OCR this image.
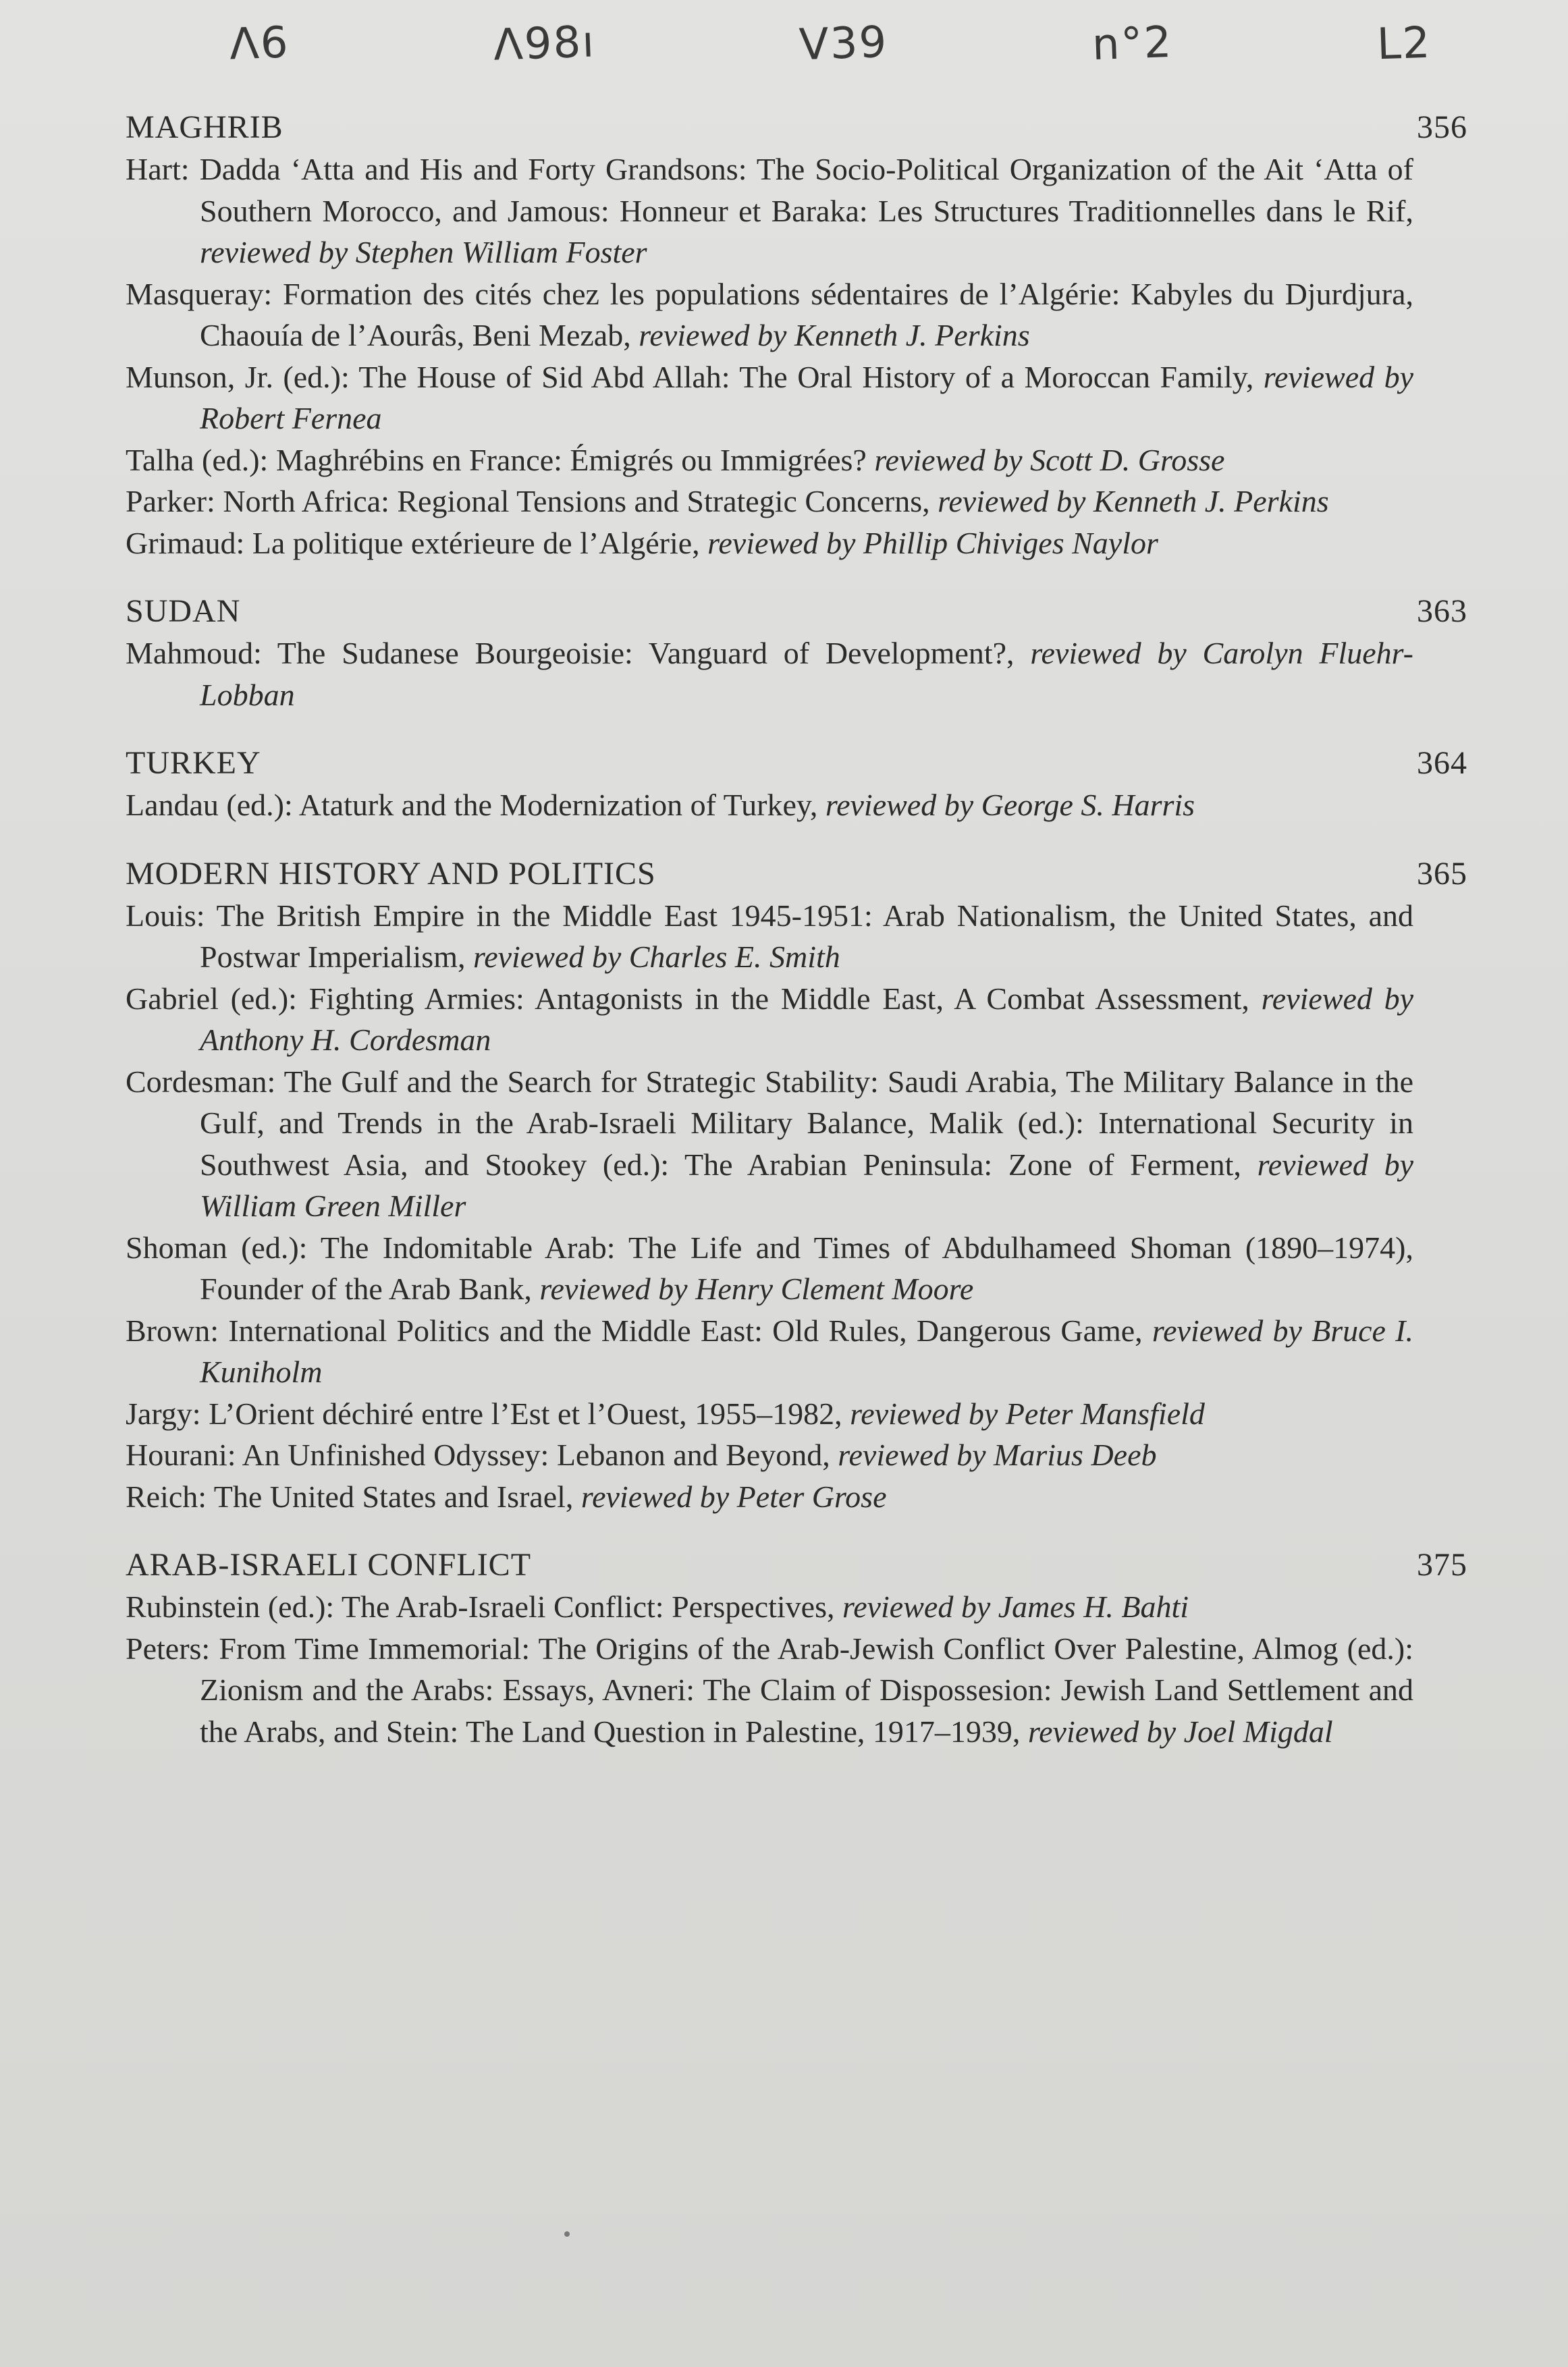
Λ6	Λ98ı	V39	n°2	L2
MAGHRIB	356

Hart: Dadda ‘Atta and His and Forty Grandsons: The Socio-Political Organization of the Ait ‘Atta of Southern Morocco, and Jamous: Honneur et Baraka: Les Structures Traditionnelles dans le Rif, reviewed by Stephen William Foster

Masqueray: Formation des cités chez les populations sédentaires de l’Algérie: Kabyles du Djurdjura, Chaouía de l’Aourâs, Beni Mezab, reviewed by Kenneth J. Perkins

Munson, Jr. (ed.): The House of Sid Abd Allah: The Oral History of a Moroccan Family, reviewed by Robert Fernea

Talha (ed.): Maghrébins en France: Émigrés ou Immigrées? reviewed by Scott D. Grosse

Parker: North Africa: Regional Tensions and Strategic Concerns, reviewed by Kenneth J. Perkins

Grimaud: La politique extérieure de l’Algérie, reviewed by Phillip Chiviges Naylor

SUDAN	363

Mahmoud: The Sudanese Bourgeoisie: Vanguard of Development?, reviewed by Carolyn Fluehr-Lobban

TURKEY	364

Landau (ed.): Ataturk and the Modernization of Turkey, reviewed by George S. Harris

MODERN HISTORY AND POLITICS	365

Louis: The British Empire in the Middle East 1945-1951: Arab Nationalism, the United States, and Postwar Imperialism, reviewed by Charles E. Smith

Gabriel (ed.): Fighting Armies: Antagonists in the Middle East, A Combat Assessment, reviewed by Anthony H. Cordesman

Cordesman: The Gulf and the Search for Strategic Stability: Saudi Arabia, The Military Balance in the Gulf, and Trends in the Arab-Israeli Military Balance, Malik (ed.): International Security in Southwest Asia, and Stookey (ed.): The Arabian Peninsula: Zone of Ferment, reviewed by William Green Miller

Shoman (ed.): The Indomitable Arab: The Life and Times of Abdulhameed Shoman (1890–1974), Founder of the Arab Bank, reviewed by Henry Clement Moore

Brown: International Politics and the Middle East: Old Rules, Dangerous Game, reviewed by Bruce I. Kuniholm

Jargy: L’Orient déchiré entre l’Est et l’Ouest, 1955–1982, reviewed by Peter Mansfield

Hourani: An Unfinished Odyssey: Lebanon and Beyond, reviewed by Marius Deeb

Reich: The United States and Israel, reviewed by Peter Grose

ARAB-ISRAELI CONFLICT	375

Rubinstein (ed.): The Arab-Israeli Conflict: Perspectives, reviewed by James H. Bahti

Peters: From Time Immemorial: The Origins of the Arab-Jewish Conflict Over Palestine, Almog (ed.): Zionism and the Arabs: Essays, Avneri: The Claim of Dispossesion: Jewish Land Settlement and the Arabs, and Stein: The Land Question in Palestine, 1917–1939, reviewed by Joel Migdal
